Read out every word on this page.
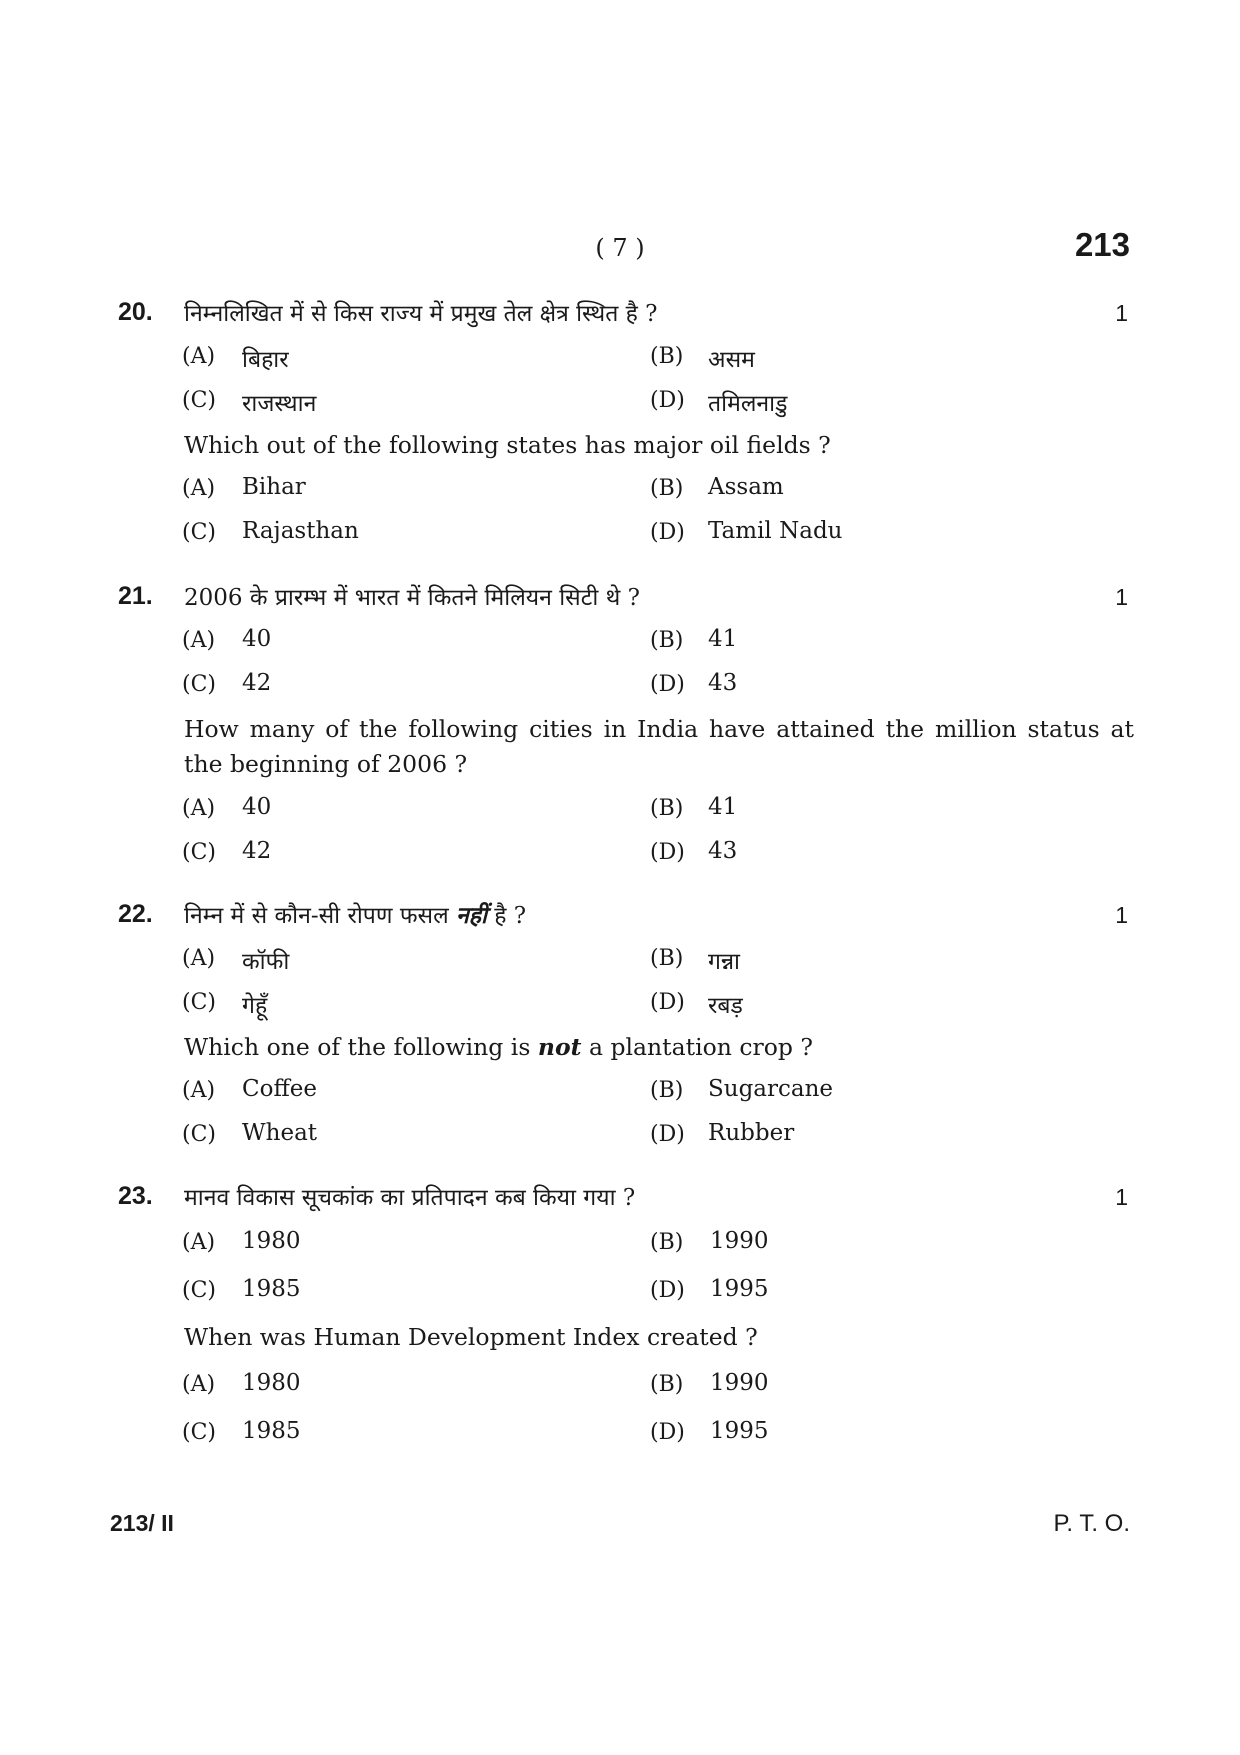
( 7 )	213
20. निम्नलिखित में से किस राज्य में प्रमुख तेल क्षेत्र स्थित है ?	1
(A) बिहार	(B) असम
(C) राजस्थान	(D) तमिलनाडु
Which out of the following states has major oil fields ?
(A) Bihar	(B) Assam
(C) Rajasthan	(D) Tamil Nadu
21. 2006 के प्रारम्भ में भारत में कितने मिलियन सिटी थे ?	1
(A) 40	(B) 41
(C) 42	(D) 43
How many of the following cities in India have attained the million status at the beginning of 2006 ?
(A) 40	(B) 41
(C) 42	(D) 43
22. निम्न में से कौन-सी रोपण फसल नहीं है ?	1
(A) कॉफी	(B) गन्ना
(C) गेहूँ	(D) रबड़
Which one of the following is not a plantation crop ?
(A) Coffee	(B) Sugarcane
(C) Wheat	(D) Rubber
23. मानव विकास सूचकांक का प्रतिपादन कब किया गया ?	1
(A) 1980	(B) 1990
(C) 1985	(D) 1995
When was Human Development Index created ?
(A) 1980	(B) 1990
(C) 1985	(D) 1995
213/ II	P. T. O.
